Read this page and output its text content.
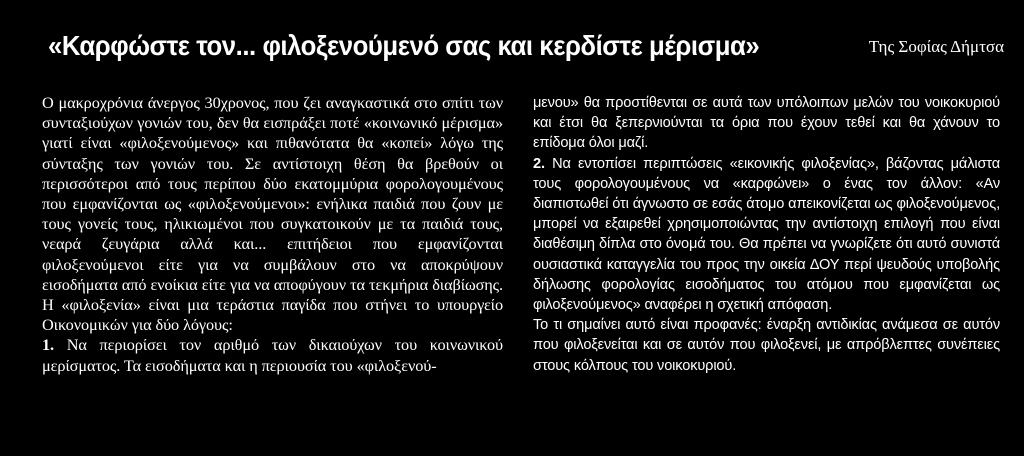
«Καρφώστε τον... φιλοξενούμενό σας και κερδίστε μέρισμα»	Της Σοφίας Δήμτσα

Ο μακροχρόνια άνεργος 30χρονος, που ζει αναγκαστικά στο σπίτι των συνταξιούχων γονιών του, δεν θα εισπράξει ποτέ «κοινωνικό μέρισμα» γιατί είναι «φιλοξενούμενος» και πιθανότατα θα «κοπεί» λόγω της σύνταξης των γονιών του. Σε αντίστοιχη θέση θα βρεθούν οι περισσότεροι από τους περίπου δύο εκατομμύρια φορολογουμένους που εμφανίζονται ως «φιλοξενούμενοι»: ενήλικα παιδιά που ζουν με τους γονείς τους, ηλικιωμένοι που συγκατοικούν με τα παιδιά τους, νεαρά ζευγάρια αλλά και... επιτήδειοι που εμφανίζονται φιλοξενούμενοι είτε για να συμβάλουν στο να αποκρύψουν εισοδήματα από ενοίκια είτε για να αποφύγουν τα τεκμήρια διαβίωσης. Η «φιλοξενία» είναι μια τεράστια παγίδα που στήνει το υπουργείο Οικονομικών για δύο λόγους:

1. Να περιορίσει τον αριθμό των δικαιούχων του κοινωνικού μερίσματος. Τα εισοδήματα και η περιουσία του «φιλοξενού-

μενου» θα προστίθενται σε αυτά των υπόλοιπων μελών του νοικοκυριού και έτσι θα ξεπερνιούνται τα όρια που έχουν τεθεί και θα χάνουν το επίδομα όλοι μαζί.

2. Να εντοπίσει περιπτώσεις «εικονικής φιλοξενίας», βάζοντας μάλιστα τους φορολογουμένους να «καρφώνει» ο ένας τον άλλον: «Αν διαπιστωθεί ότι άγνωστο σε εσάς άτομο απεικονίζεται ως φιλοξενούμενος, μπορεί να εξαιρεθεί χρησιμοποιώντας την αντίστοιχη επιλογή που είναι διαθέσιμη δίπλα στο όνομά του. Θα πρέπει να γνωρίζετε ότι αυτό συνιστά ουσιαστικά καταγγελία του προς την οικεία ΔΟΥ περί ψευδούς υποβολής δήλωσης φορολογίας εισοδήματος του ατόμου που εμφανίζεται ως φιλοξενούμενος» αναφέρει η σχετική απόφαση.

Το τι σημαίνει αυτό είναι προφανές: έναρξη αντιδικίας ανάμεσα σε αυτόν που φιλοξενείται και σε αυτόν που φιλοξενεί, με απρόβλεπτες συνέπειες στους κόλπους του νοικοκυριού.
